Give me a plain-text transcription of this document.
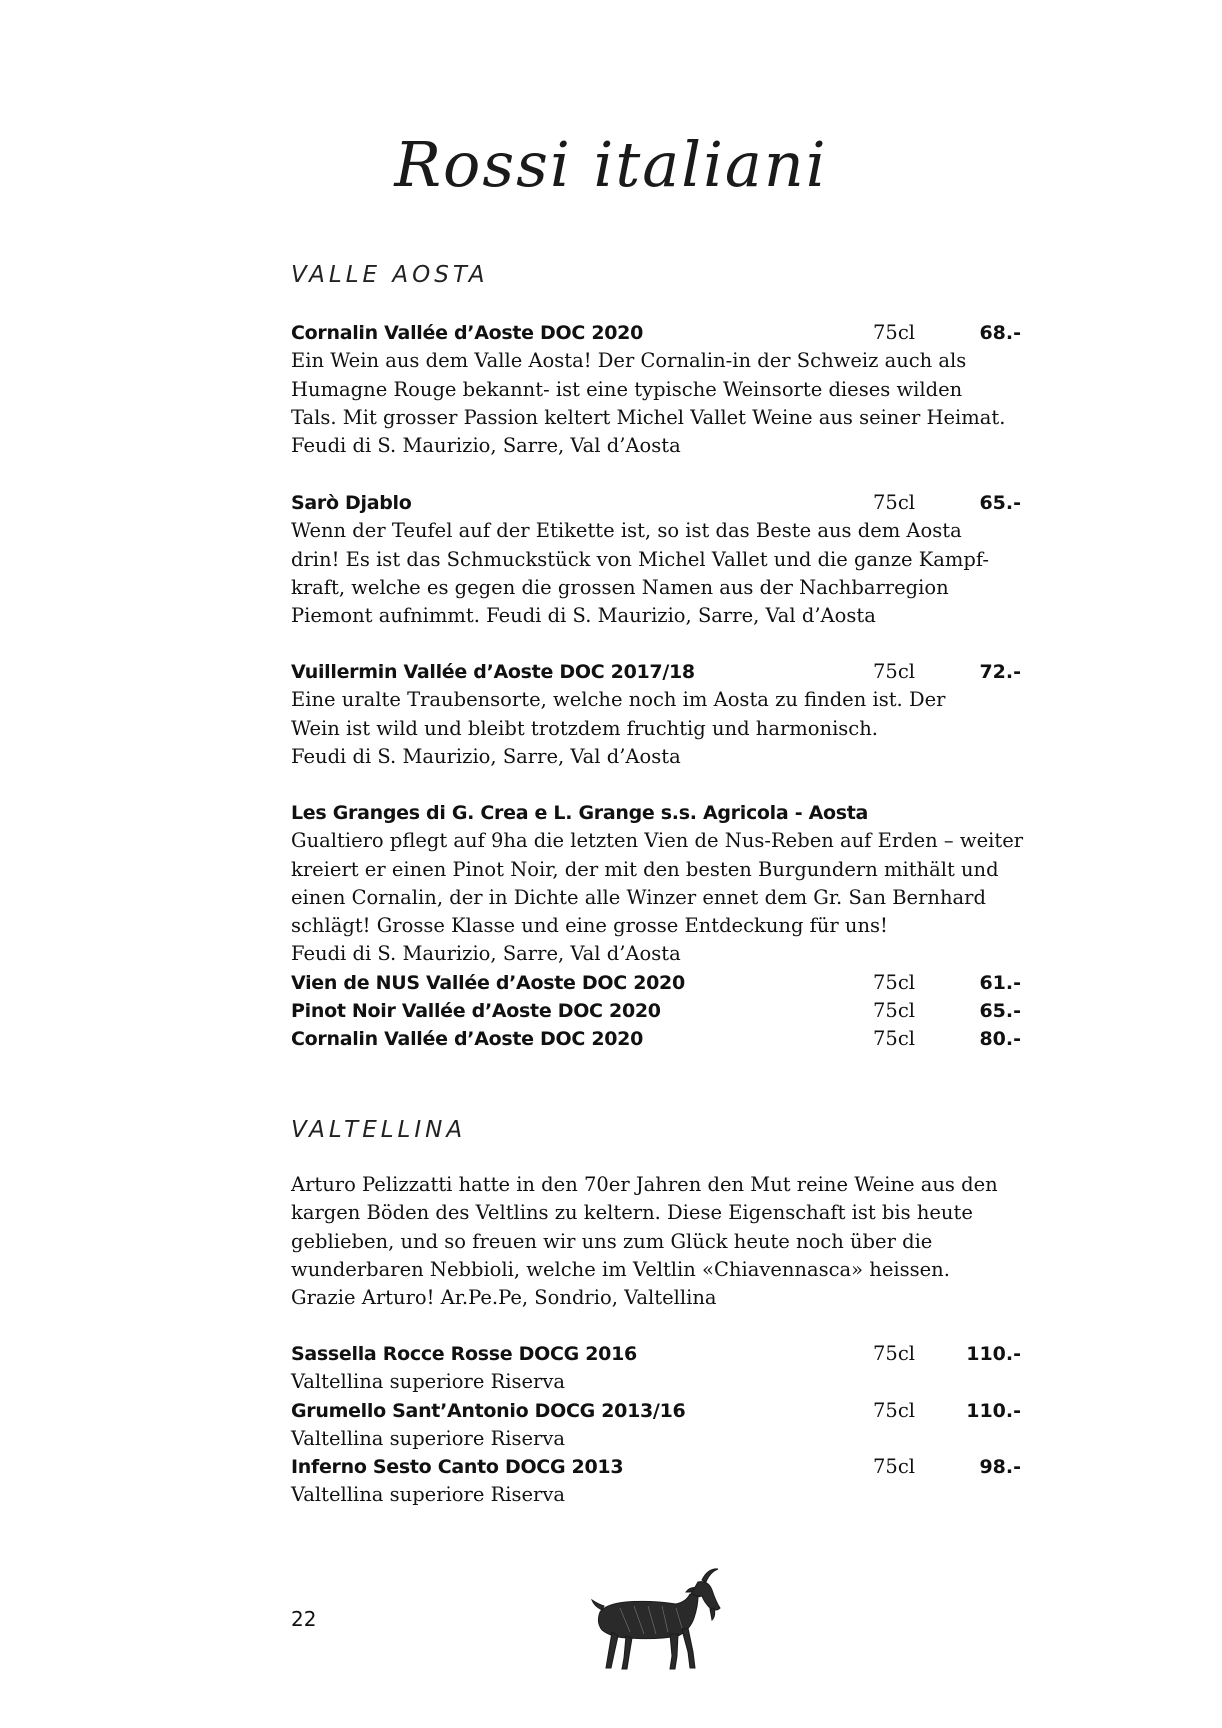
Rossi italiani
VALLE AOSTA
Cornalin Vallée d’Aoste DOC 2020	75cl	68.-
Ein Wein aus dem Valle Aosta! Der Cornalin-in der Schweiz auch als
Humagne Rouge bekannt- ist eine typische Weinsorte dieses wilden
Tals. Mit grosser Passion keltert Michel Vallet Weine aus seiner Heimat.
Feudi di S. Maurizio, Sarre, Val d’Aosta
Sarò Djablo	75cl	65.-
Wenn der Teufel auf der Etikette ist, so ist das Beste aus dem Aosta
drin! Es ist das Schmuckstück von Michel Vallet und die ganze Kampf-
kraft, welche es gegen die grossen Namen aus der Nachbarregion
Piemont aufnimmt. Feudi di S. Maurizio, Sarre, Val d’Aosta
Vuillermin Vallée d’Aoste DOC 2017/18	75cl	72.-
Eine uralte Traubensorte, welche noch im Aosta zu finden ist. Der
Wein ist wild und bleibt trotzdem fruchtig und harmonisch.
Feudi di S. Maurizio, Sarre, Val d’Aosta
Les Granges di G. Crea e L. Grange s.s. Agricola - Aosta
Gualtiero pflegt auf 9ha die letzten Vien de Nus-Reben auf Erden – weiter
kreiert er einen Pinot Noir, der mit den besten Burgundern mithält und
einen Cornalin, der in Dichte alle Winzer ennet dem Gr. San Bernhard
schlägt! Grosse Klasse und eine grosse Entdeckung für uns!
Feudi di S. Maurizio, Sarre, Val d’Aosta
Vien de NUS Vallée d’Aoste DOC 2020	75cl	61.-
Pinot Noir Vallée d’Aoste DOC 2020	75cl	65.-
Cornalin Vallée d’Aoste DOC 2020	75cl	80.-
VALTELLINA
Arturo Pelizzatti hatte in den 70er Jahren den Mut reine Weine aus den
kargen Böden des Veltlins zu keltern. Diese Eigenschaft ist bis heute
geblieben, und so freuen wir uns zum Glück heute noch über die
wunderbaren Nebbioli, welche im Veltlin «Chiavennasca» heissen.
Grazie Arturo! Ar.Pe.Pe, Sondrio, Valtellina
Sassella Rocce Rosse DOCG 2016	75cl	110.-
Valtellina superiore Riserva
Grumello Sant’Antonio DOCG 2013/16	75cl	110.-
Valtellina superiore Riserva
Inferno Sesto Canto DOCG 2013	75cl	98.-
Valtellina superiore Riserva
22
